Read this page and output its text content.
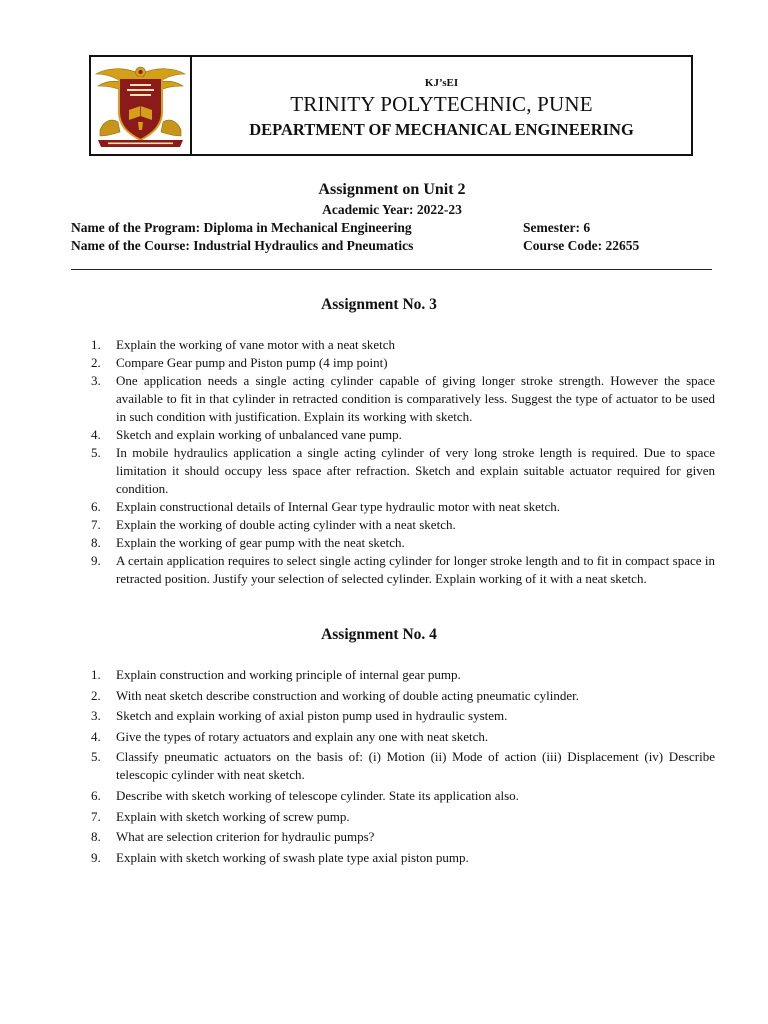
KJ’sEI
TRINITY POLYTECHNIC, PUNE
DEPARTMENT OF MECHANICAL ENGINEERING
Assignment on Unit 2
Academic Year: 2022-23
Name of the Program: Diploma in Mechanical Engineering	Semester: 6
Name of the Course: Industrial Hydraulics and Pneumatics	Course Code: 22655
Assignment No. 3
1. Explain the working of vane motor with a neat sketch
2. Compare Gear pump and Piston pump (4 imp point)
3. One application needs a single acting cylinder capable of giving longer stroke strength. However the space available to fit in that cylinder in retracted condition is comparatively less. Suggest the type of actuator to be used in such condition with justification. Explain its working with sketch.
4. Sketch and explain working of unbalanced vane pump.
5. In mobile hydraulics application a single acting cylinder of very long stroke length is required. Due to space limitation it should occupy less space after refraction. Sketch and explain suitable actuator required for given condition.
6. Explain constructional details of Internal Gear type hydraulic motor with neat sketch.
7. Explain the working of double acting cylinder with a neat sketch.
8. Explain the working of gear pump with the neat sketch.
9. A certain application requires to select single acting cylinder for longer stroke length and to fit in compact space in retracted position. Justify your selection of selected cylinder. Explain working of it with a neat sketch.
Assignment No. 4
1. Explain construction and working principle of internal gear pump.
2. With neat sketch describe construction and working of double acting pneumatic cylinder.
3. Sketch and explain working of axial piston pump used in hydraulic system.
4. Give the types of rotary actuators and explain any one with neat sketch.
5. Classify pneumatic actuators on the basis of: (i) Motion (ii) Mode of action (iii) Displacement (iv) Describe telescopic cylinder with neat sketch.
6. Describe with sketch working of telescope cylinder. State its application also.
7. Explain with sketch working of screw pump.
8. What are selection criterion for hydraulic pumps?
9. Explain with sketch working of swash plate type axial piston pump.
